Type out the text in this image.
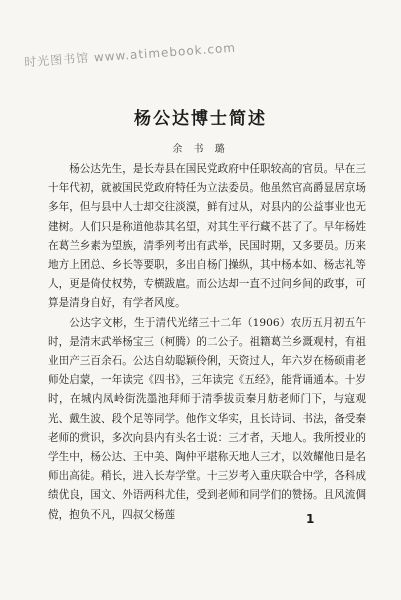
时光图书馆 www.atimebook.com
杨公达博士简述
余 书 璐

杨公达先生，是长寿县在国民党政府中任职较高的官员。早在三十年代初，就被国民党政府特任为立法委员。他虽然官高爵显居京场多年，但与县中人士却交往淡漠，鲜有过从，对县内的公益事业也无建树。人们只是称道他恭其名望，对其生平行藏不甚了了。早年杨姓在葛兰乡素为望族，清季列考出有武举，民国时期，又多要员。历来地方上团总、乡长等要职，多出自杨门操纵，其中杨本如、杨志礼等人，更是倚仗权势，专横跋扈。而公达却一直不过问乡间的政事，可算是清身自好，有学者风度。

公达字文彬，生于清代光绪三十二年（1906）农历五月初五午时，是清末武举杨宝三（柯腾）的二公子。祖籍葛兰乡溉观村，有祖业田产三百余石。公达自幼聪颖伶俐，天资过人，年六岁在杨硕甫老师处启蒙，一年读完《四书》，三年读完《五经》，能背诵通本。十岁时，在城内凤岭街洗墨池拜师于清季拔贡秦月舫老师门下，与寇观光、戴生波、段个足等同学。他作文华实，且长诗词、书法，备受秦老师的赏识，多次向县内有头名士说：三才者，天地人。我所授业的学生中，杨公达、王中美、陶仲平堪称天地人三才，以效耀他日是名师出高徒。稍长，进入长寿学堂。十三岁考入重庆联合中学，各科成绩优良，国文、外语两科尤佳，受到老师和同学们的赞扬。且风流倜傥，抱负不凡，四叔父杨莲	1
